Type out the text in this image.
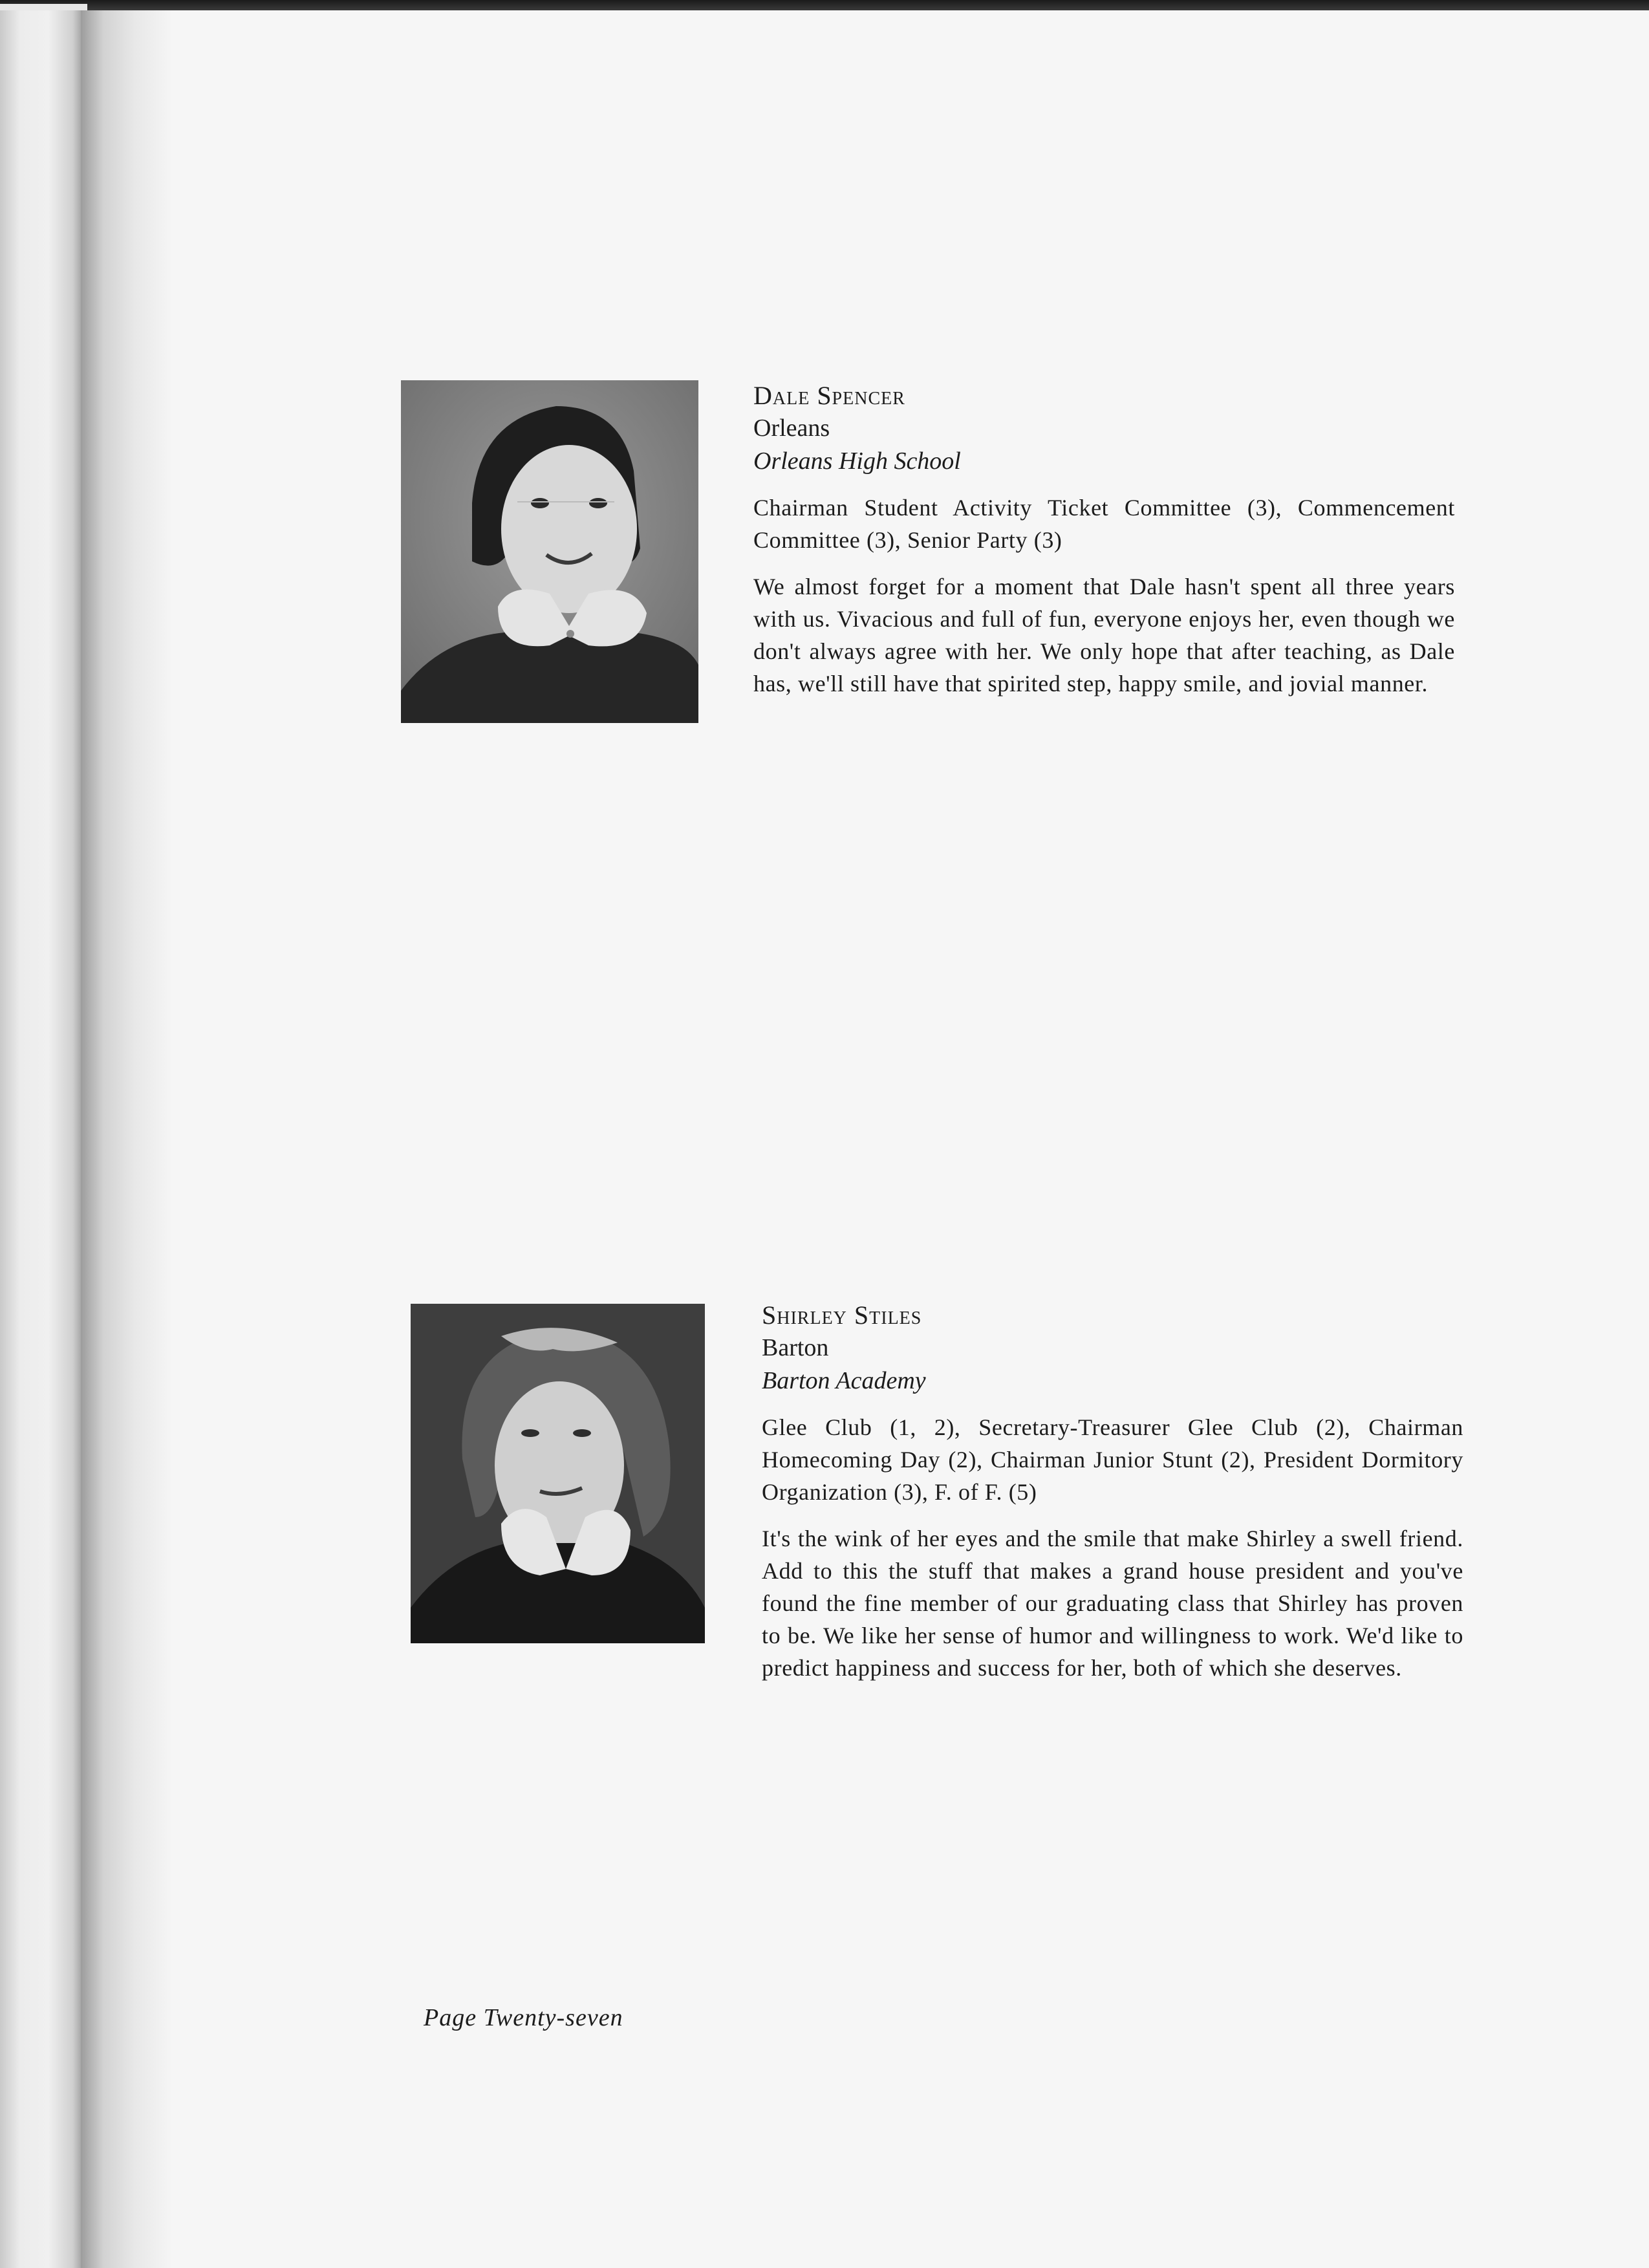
Dale Spencer

Orleans

Orleans High School

Chairman Student Activity Ticket Committee (3), Commencement Committee (3), Senior Party (3)

We almost forget for a moment that Dale hasn't spent all three years with us. Vivacious and full of fun, everyone enjoys her, even though we don't always agree with her. We only hope that after teaching, as Dale has, we'll still have that spirited step, happy smile, and jovial manner.

Shirley Stiles

Barton

Barton Academy

Glee Club (1, 2), Secretary-Treasurer Glee Club (2), Chairman Homecoming Day (2), Chairman Junior Stunt (2), President Dormitory Organization (3), F. of F. (5)

It's the wink of her eyes and the smile that make Shirley a swell friend. Add to this the stuff that makes a grand house president and you've found the fine member of our graduating class that Shirley has proven to be. We like her sense of humor and willingness to work. We'd like to predict happiness and success for her, both of which she deserves.

Page Twenty-seven
